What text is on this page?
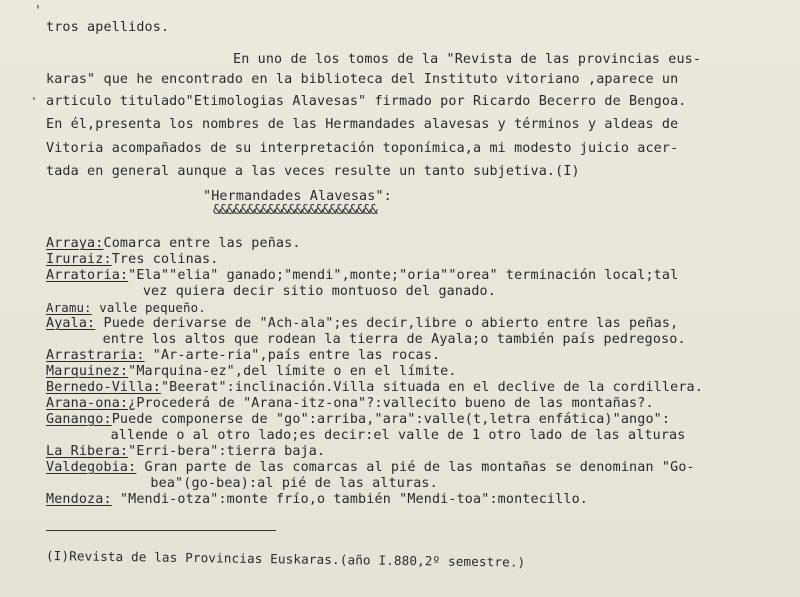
'
tros apellidos.
En uno de los tomos de la "Revista de las provincias eus-
karas" que he encontrado en la biblioteca del Instituto vitoriano ,aparece un
· articulo titulado"Etimologias Alavesas" firmado por Ricardo Becerro de Bengoa.
En él,presenta los nombres de las Hermandades alavesas y términos y aldeas de
Vitoria acompañados de su interpretación toponímica,a mi modesto juicio acer-
tada en general aunque a las veces resulte un tanto subjetiva.(I)
"Hermandades Alavesas":
&&&&&&&&&&&&&&&&&&&&&&&&
Arraya:Comarca entre las peñas.
Iruraiz:Tres colinas.
Arratoria:"Ela""elia" ganado;"mendi",monte;"oria""orea" terminación local;tal
vez quiera decir sitio montuoso del ganado.
Aramu: valle pequeño.
Ayala: Puede derivarse de "Ach-ala";es decir,libre o abierto entre las peñas,
entre los altos que rodean la tierra de Ayala;o también país pedregoso.
Arrastraria: "Ar-arte-ria",país entre las rocas.
Marquinez:"Marquina-ez",del límite o en el límite.
Bernedo-Villa:"Beerat":inclinación.Villa situada en el declive de la cordillera.
Arana-ona:¿Procederá de "Arana-itz-ona"?:vallecito bueno de las montañas?.
Ganango:Puede componerse de "go":arriba,"ara":valle(t,letra enfática)"ango":
allende o al otro lado;es decir:el valle de 1 otro lado de las alturas
La Ribera:"Erri-bera":tierra baja.
Valdegobia: Gran parte de las comarcas al pié de las montañas se denominan "Go-
bea"(go-bea):al pié de las alturas.
Mendoza: "Mendi-otza":monte frío,o también "Mendi-toa":montecillo.
(I)Revista de las Provincias Euskaras.(año I.880,2º semestre.)
